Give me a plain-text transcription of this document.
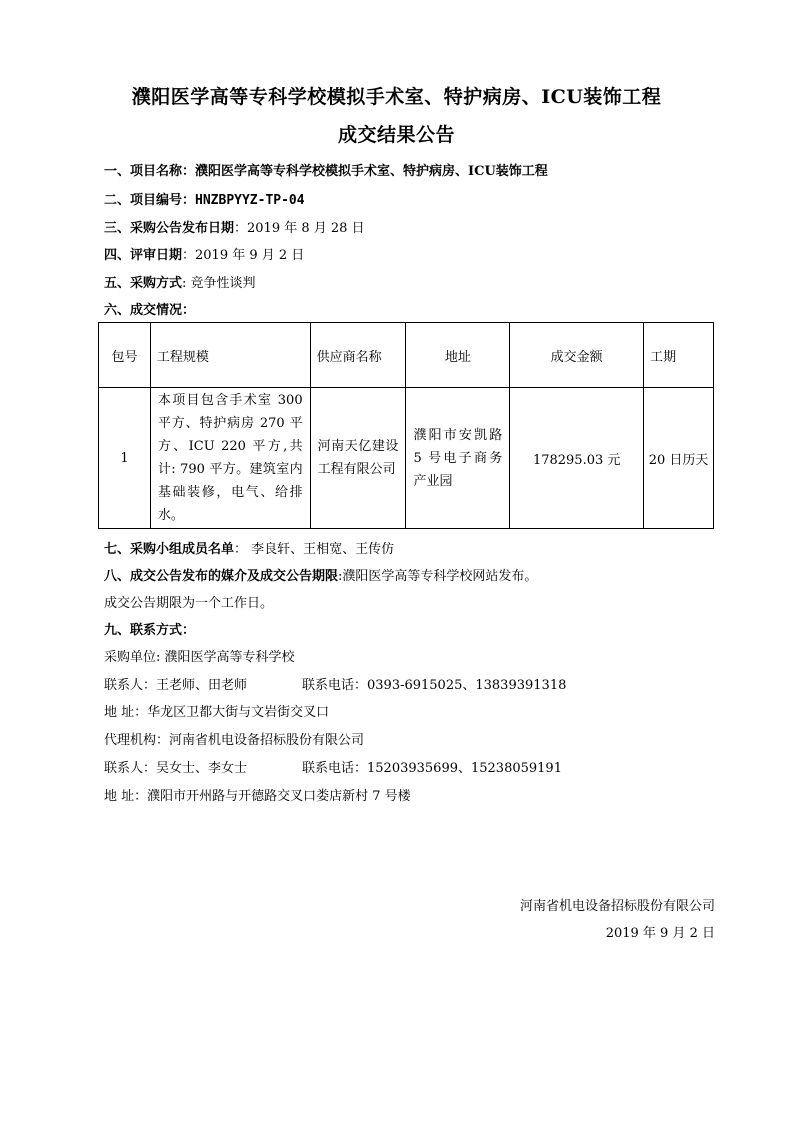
濮阳医学高等专科学校模拟手术室、特护病房、ICU装饰工程
成交结果公告
一、项目名称：濮阳医学高等专科学校模拟手术室、特护病房、ICU装饰工程
二、项目编号：HNZBPYYZ-TP-04
三、采购公告发布日期：2019 年 8 月 28 日
四、评审日期：2019 年 9 月 2 日
五、采购方式: 竞争性谈判
六、成交情况：
包号	工程规模	供应商名称	地址	成交金额	工期
1	本项目包含手术室 300 平方、特护病房 270 平方、ICU 220 平方,共计: 790 平方。建筑室内基础装修，电气、给排水。	河南天亿建设工程有限公司	濮阳市安凯路 5 号电子商务产业园	178295.03 元	20 日历天
七、采购小组成员名单： 李良轩、王相宽、王传仿
八、成交公告发布的媒介及成交公告期限:濮阳医学高等专科学校网站发布。
成交公告期限为一个工作日。
九、联系方式：
采购单位: 濮阳医学高等专科学校
联系人：王老师、田老师	联系电话：0393-6915025、13839391318
地 址：华龙区卫都大街与文岩街交叉口
代理机构：河南省机电设备招标股份有限公司
联系人：吴女士、李女士	联系电话：15203935699、15238059191
地 址：濮阳市开州路与开德路交叉口娄店新村 7 号楼
河南省机电设备招标股份有限公司
2019 年 9 月 2 日
